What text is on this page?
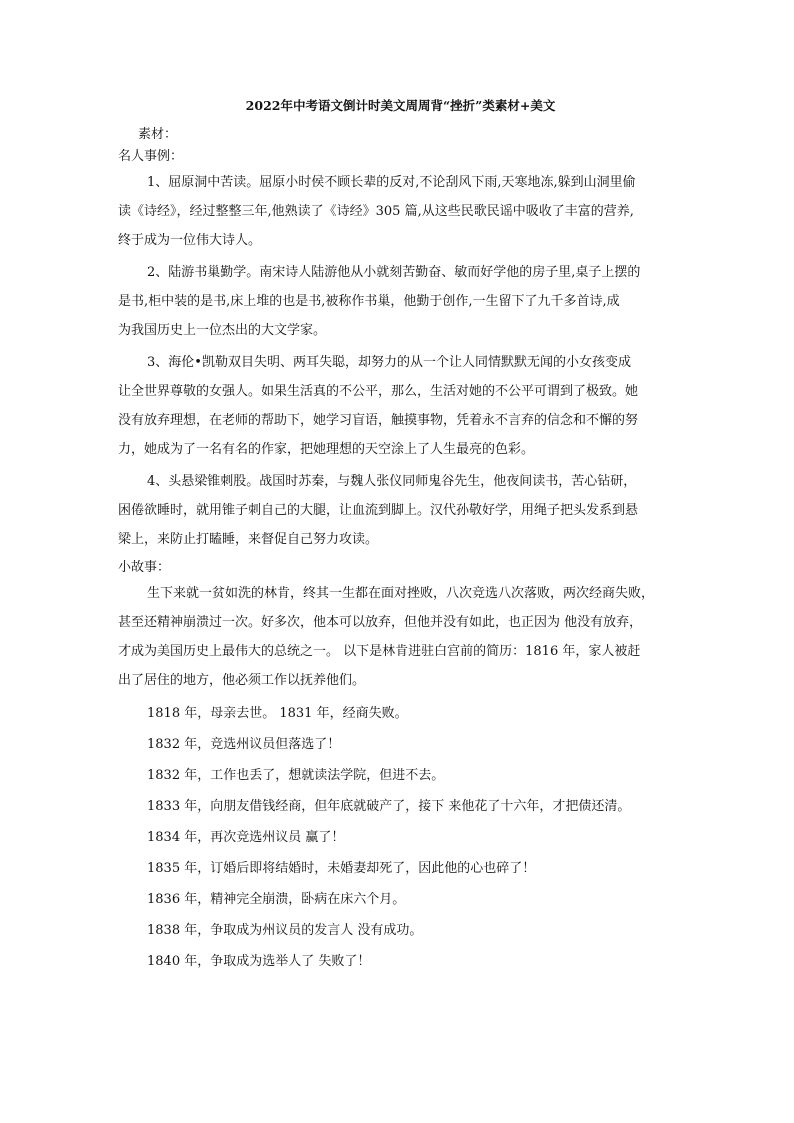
2022年中考语文倒计时美文周周背“挫折”类素材+美文
素材：
名人事例：
1、屈原洞中苦读。屈原小时侯不顾长辈的反对,不论刮风下雨,天寒地冻,躲到山洞里偷
读《诗经》，经过整整三年,他熟读了《诗经》305 篇,从这些民歌民谣中吸收了丰富的营养,
终于成为一位伟大诗人。
2、陆游书巢勤学。南宋诗人陆游他从小就刻苦勤奋、敏而好学他的房子里,桌子上摆的
是书,柜中装的是书,床上堆的也是书,被称作书巢，他勤于创作,一生留下了九千多首诗,成
为我国历史上一位杰出的大文学家。
3、海伦•凯勒双目失明、两耳失聪，却努力的从一个让人同情默默无闻的小女孩变成
让全世界尊敬的女强人。如果生活真的不公平，那么，生活对她的不公平可谓到了极致。她
没有放弃理想，在老师的帮助下，她学习盲语，触摸事物，凭着永不言弃的信念和不懈的努
力，她成为了一名有名的作家，把她理想的天空涂上了人生最亮的色彩。
4、头悬梁锥刺股。战国时苏秦，与魏人张仪同师鬼谷先生，他夜间读书，苦心钻研，
困倦欲睡时，就用锥子刺自己的大腿，让血流到脚上。汉代孙敬好学，用绳子把头发系到悬
梁上，来防止打瞌睡，来督促自己努力攻读。
小故事：
生下来就一贫如洗的林肯，终其一生都在面对挫败，八次竞选八次落败，两次经商失败，
甚至还精神崩溃过一次。好多次，他本可以放弃，但他并没有如此，也正因为 他没有放弃，
才成为美国历史上最伟大的总统之一。 以下是林肯进驻白宫前的简历：1816 年，家人被赶
出了居住的地方，他必须工作以抚养他们。
1818 年，母亲去世。 1831 年，经商失败。
1832 年，竞选州议员但落选了！
1832 年，工作也丢了，想就读法学院，但进不去。
1833 年，向朋友借钱经商，但年底就破产了，接下 来他花了十六年，才把债还清。
1834 年，再次竞选州议员 赢了！
1835 年，订婚后即将结婚时，未婚妻却死了，因此他的心也碎了！
1836 年，精神完全崩溃，卧病在床六个月。
1838 年，争取成为州议员的发言人 没有成功。
1840 年，争取成为选举人了 失败了！
